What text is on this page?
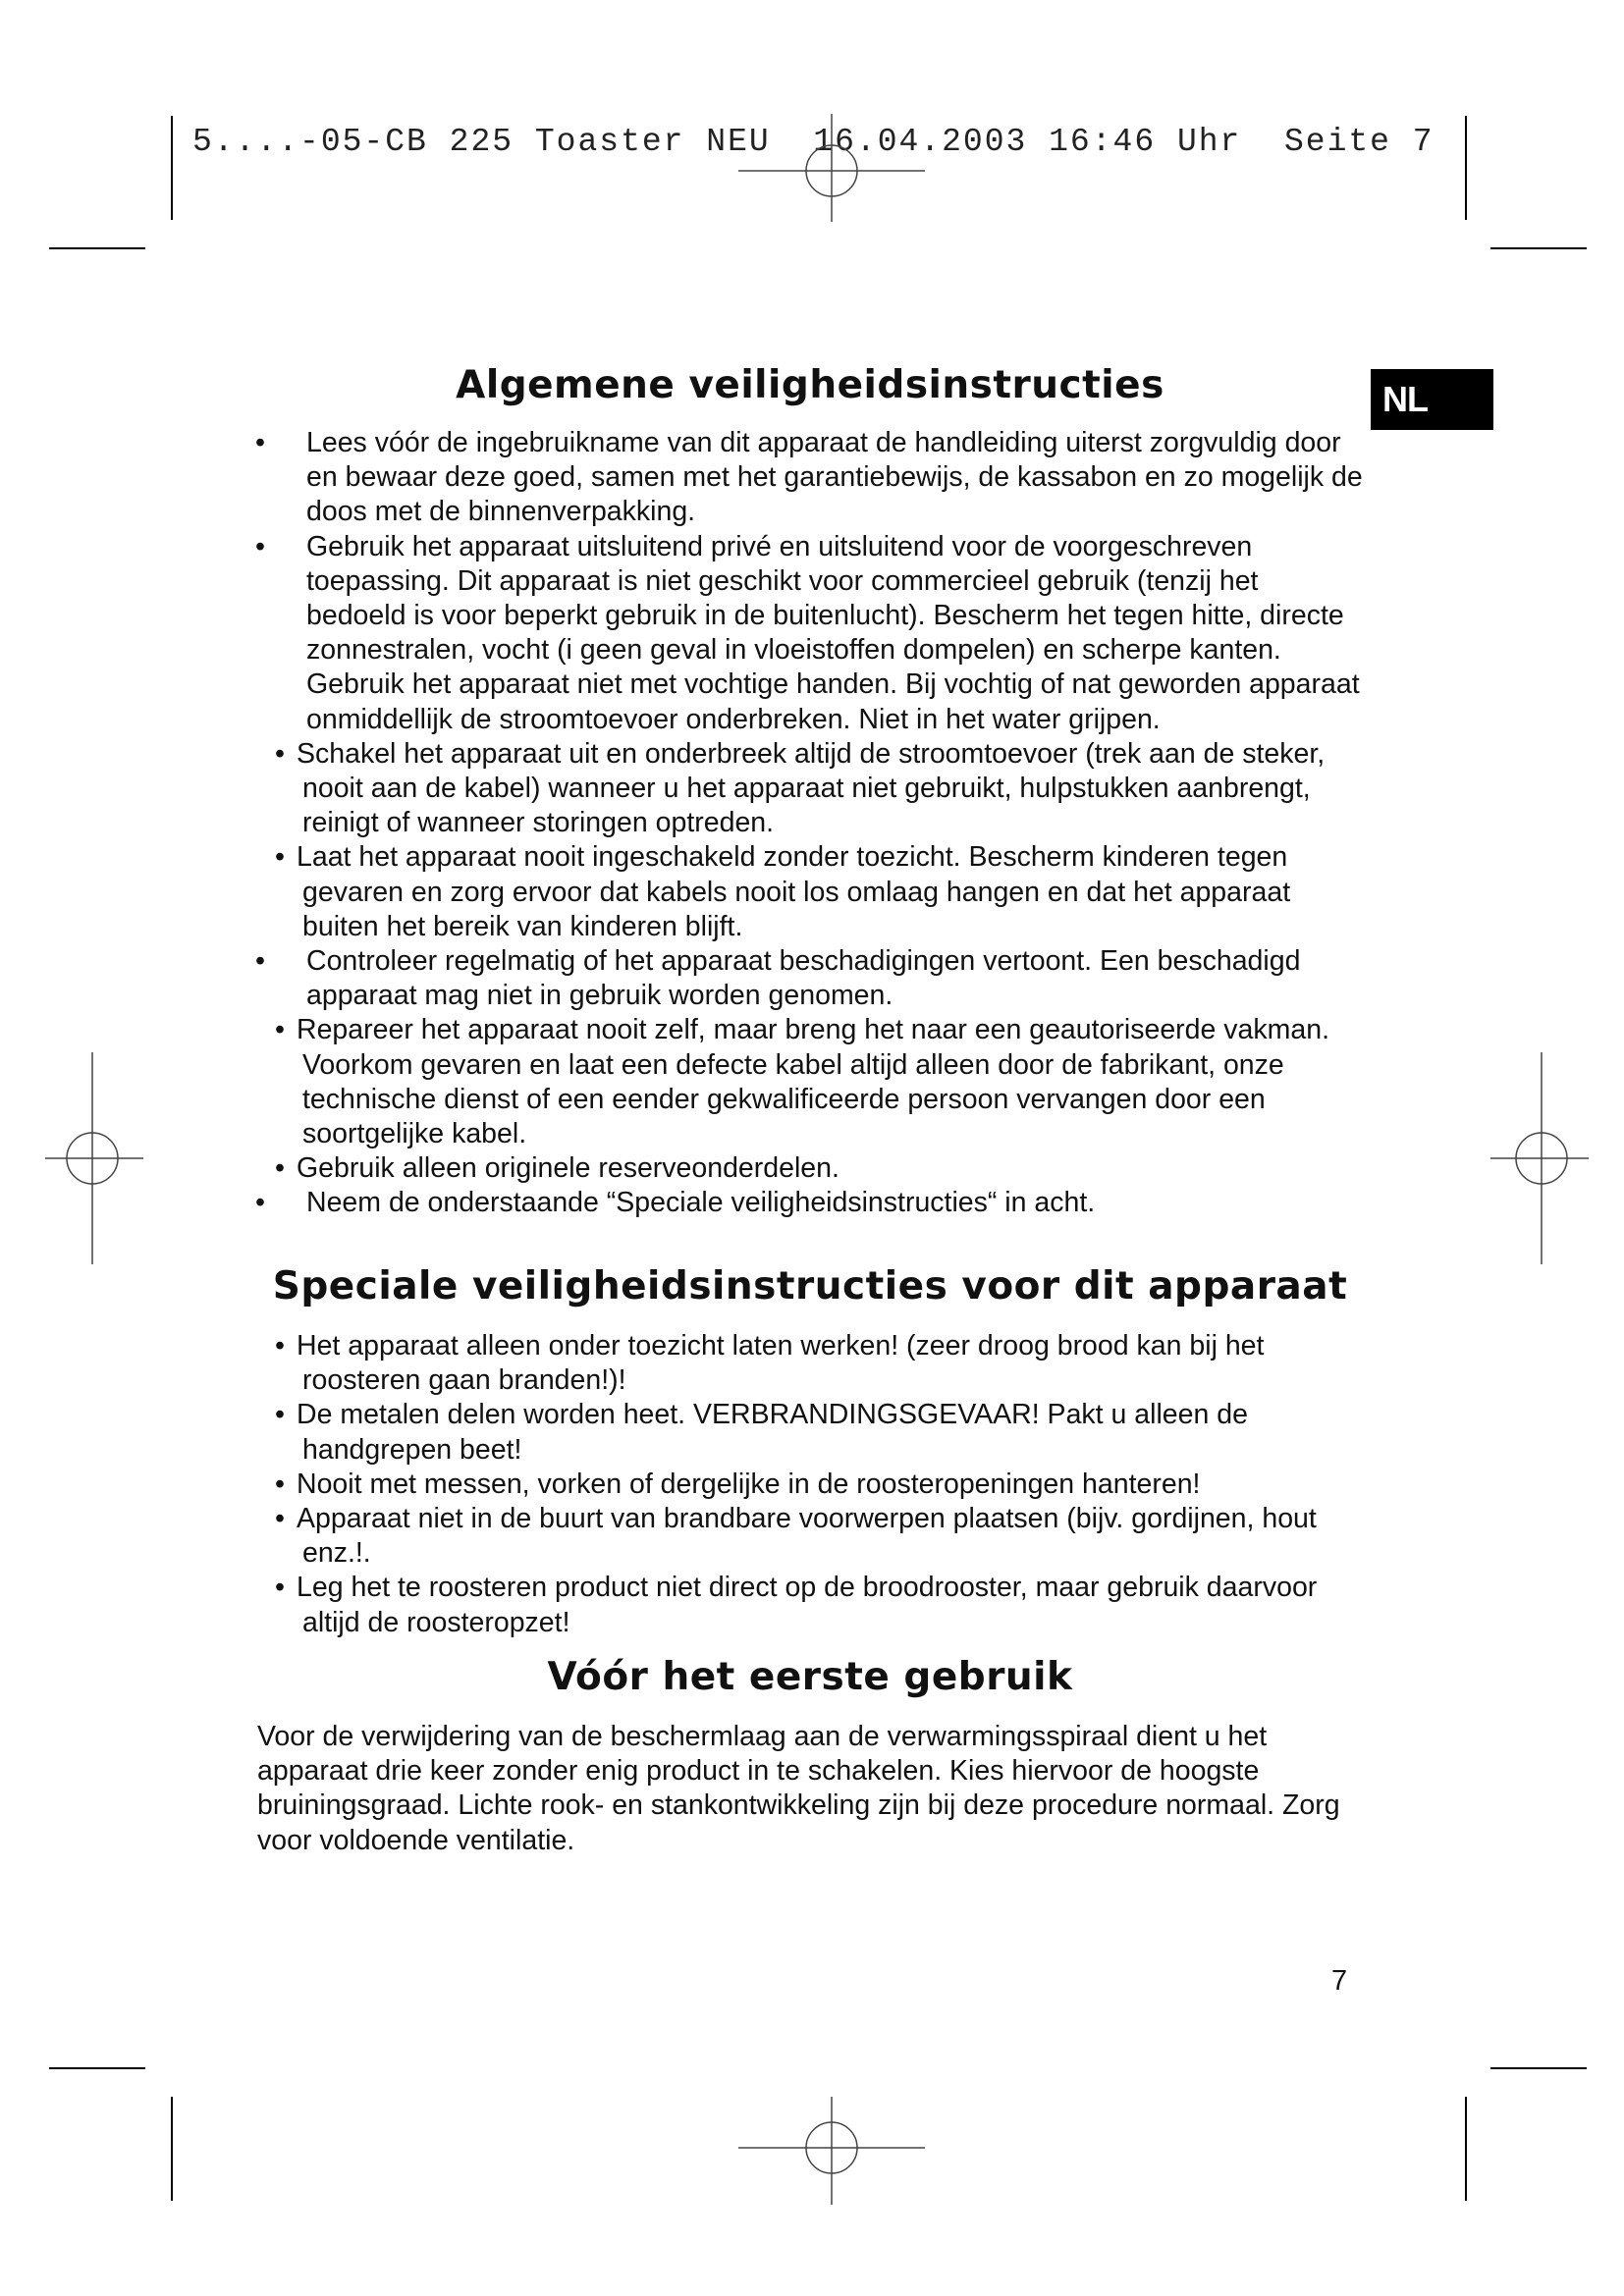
5....-05-CB 225 Toaster NEU  16.04.2003 16:46 Uhr  Seite 7
NL
Algemene veiligheidsinstructies
• Lees vóór de ingebruikname van dit apparaat de handleiding uiterst zorgvuldig door en bewaar deze goed, samen met het garantiebewijs, de kassabon en zo mogelijk de doos met de binnenverpakking.
• Gebruik het apparaat uitsluitend privé en uitsluitend voor de voorgeschreven toepassing. Dit apparaat is niet geschikt voor commercieel gebruik (tenzij het bedoeld is voor beperkt gebruik in de buitenlucht). Bescherm het tegen hitte, directe zonnestralen, vocht (i geen geval in vloeistoffen dompelen) en scherpe kanten. Gebruik het apparaat niet met vochtige handen. Bij vochtig of nat geworden apparaat onmiddellijk de stroomtoevoer onderbreken. Niet in het water grijpen.
• Schakel het apparaat uit en onderbreek altijd de stroomtoevoer (trek aan de steker, nooit aan de kabel) wanneer u het apparaat niet gebruikt, hulpstukken aanbrengt, reinigt of wanneer storingen optreden.
• Laat het apparaat nooit ingeschakeld zonder toezicht. Bescherm kinderen tegen gevaren en zorg ervoor dat kabels nooit los omlaag hangen en dat het apparaat buiten het bereik van kinderen blijft.
• Controleer regelmatig of het apparaat beschadigingen vertoont. Een beschadigd apparaat mag niet in gebruik worden genomen.
• Repareer het apparaat nooit zelf, maar breng het naar een geautoriseerde vakman. Voorkom gevaren en laat een defecte kabel altijd alleen door de fabrikant, onze technische dienst of een eender gekwalificeerde persoon vervangen door een soortgelijke kabel.
• Gebruik alleen originele reserveonderdelen.
• Neem de onderstaande “Speciale veiligheidsinstructies“ in acht.
Speciale veiligheidsinstructies voor dit apparaat
• Het apparaat alleen onder toezicht laten werken! (zeer droog brood kan bij het roosteren gaan branden!)!
• De metalen delen worden heet. VERBRANDINGSGEVAAR! Pakt u alleen de handgrepen beet!
• Nooit met messen, vorken of dergelijke in de roosteropeningen hanteren!
• Apparaat niet in de buurt van brandbare voorwerpen plaatsen (bijv. gordijnen, hout enz.!.
• Leg het te roosteren product niet direct op de broodrooster, maar gebruik daarvoor altijd de roosteropzet!
Vóór het eerste gebruik

Voor de verwijdering van de beschermlaag aan de verwarmingsspiraal dient u het apparaat drie keer zonder enig product in te schakelen. Kies hiervoor de hoogste bruiningsgraad. Lichte rook- en stankontwikkeling zijn bij deze procedure normaal. Zorg voor voldoende ventilatie.

7
